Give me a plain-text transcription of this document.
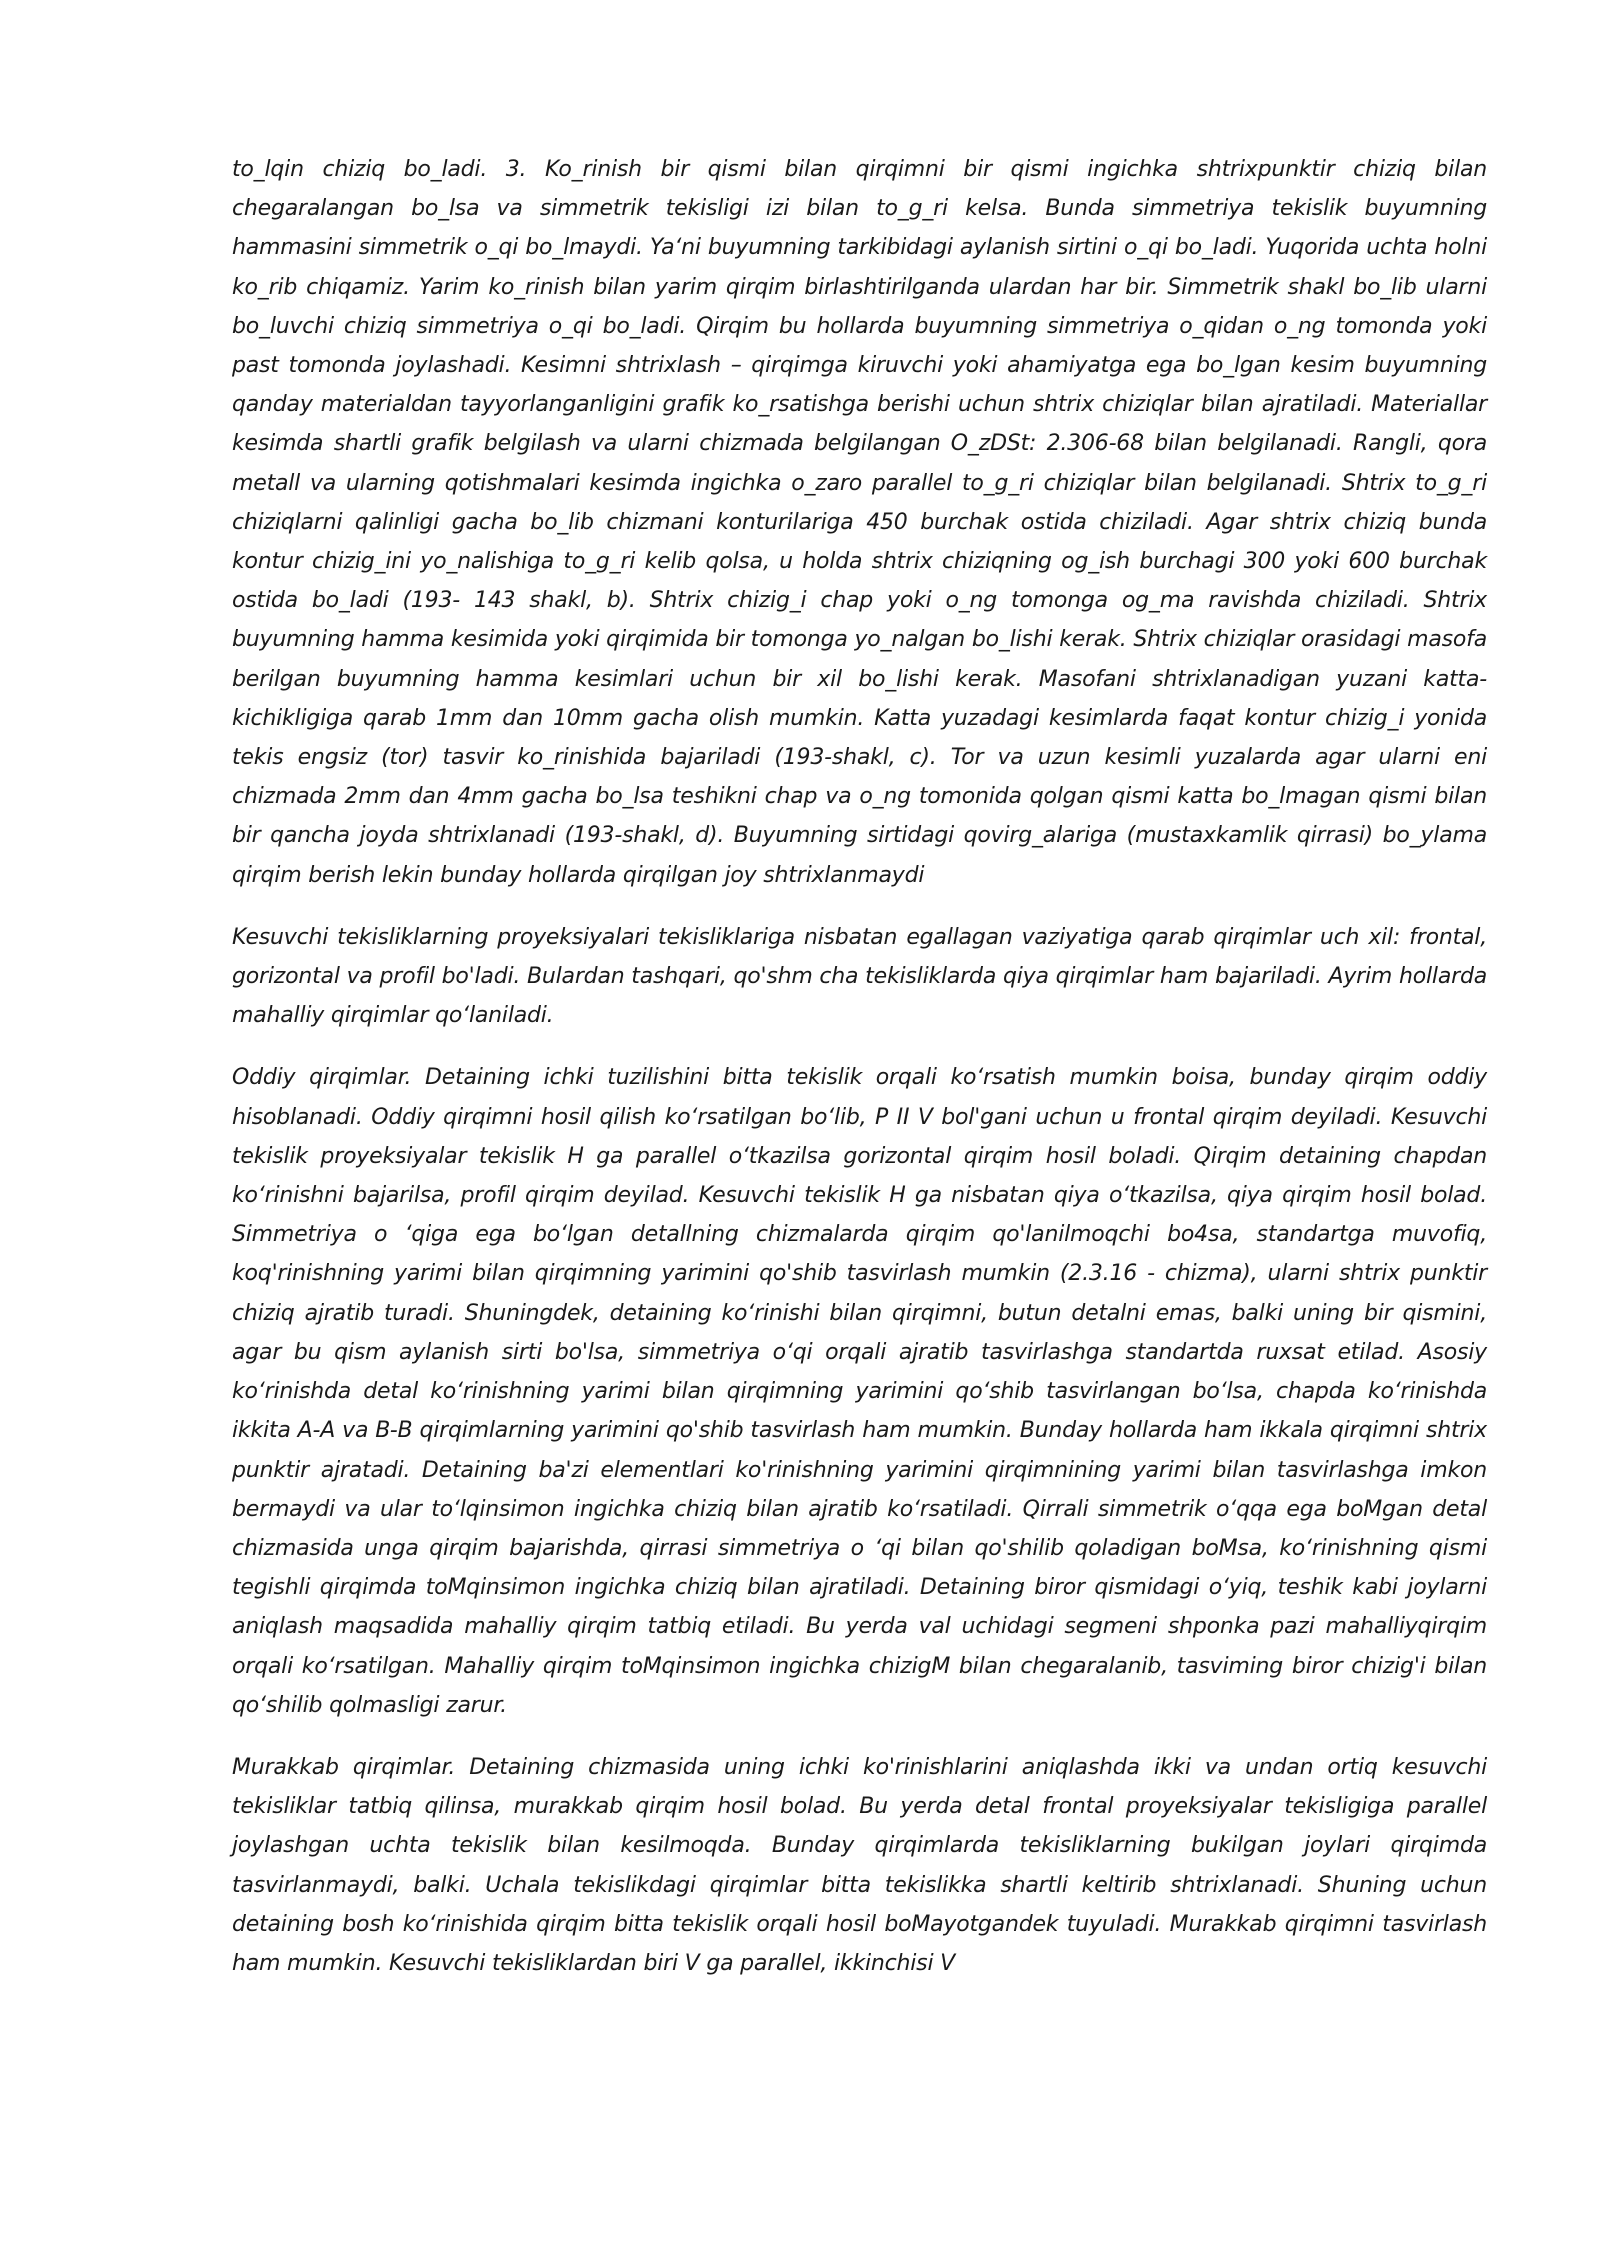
to_lqin chiziq bo_ladi. 3. Ko_rinish bir qismi bilan qirqimni bir qismi ingichka shtrixpunktir chiziq bilan chegaralangan bo_lsa va simmetrik tekisligi izi bilan to_g_ri kelsa. Bunda simmetriya tekislik buyumning hammasini simmetrik o_qi bo_lmaydi. Ya‘ni buyumning tarkibidagi aylanish sirtini o_qi bo_ladi. Yuqorida uchta holni ko_rib chiqamiz. Yarim ko_rinish bilan yarim qirqim birlashtirilganda ulardan har bir. Simmetrik shakl bo_lib ularni bo_luvchi chiziq simmetriya o_qi bo_ladi. Qirqim bu hollarda buyumning simmetriya o_qidan o_ng tomonda yoki past tomonda joylashadi. Kesimni shtrixlash – qirqimga kiruvchi yoki ahamiyatga ega bo_lgan kesim buyumning qanday materialdan tayyorlanganligini grafik ko_rsatishga berishi uchun shtrix chiziqlar bilan ajratiladi. Materiallar kesimda shartli grafik belgilash va ularni chizmada belgilangan O_zDSt: 2.306-68 bilan belgilanadi. Rangli, qora metall va ularning qotishmalari kesimda ingichka o_zaro parallel to_g_ri chiziqlar bilan belgilanadi. Shtrix to_g_ri chiziqlarni qalinligi gacha bo_lib chizmani konturilariga 450 burchak ostida chiziladi. Agar shtrix chiziq bunda kontur chizig_ini yo_nalishiga to_g_ri kelib qolsa, u holda shtrix chiziqning og_ish burchagi 300 yoki 600 burchak ostida bo_ladi (193- 143 shakl, b). Shtrix chizig_i chap yoki o_ng tomonga og_ma ravishda chiziladi. Shtrix buyumning hamma kesimida yoki qirqimida bir tomonga yo_nalgan bo_lishi kerak. Shtrix chiziqlar orasidagi masofa berilgan buyumning hamma kesimlari uchun bir xil bo_lishi kerak. Masofani shtrixlanadigan yuzani katta-kichikligiga qarab 1mm dan 10mm gacha olish mumkin. Katta yuzadagi kesimlarda faqat kontur chizig_i yonida tekis engsiz (tor) tasvir ko_rinishida bajariladi (193-shakl, c). Tor va uzun kesimli yuzalarda agar ularni eni chizmada 2mm dan 4mm gacha bo_lsa teshikni chap va o_ng tomonida qolgan qismi katta bo_lmagan qismi bilan bir qancha joyda shtrixlanadi (193-shakl, d). Buyumning sirtidagi qovirg_alariga (mustaxkamlik qirrasi) bo_ylama qirqim berish lekin bunday hollarda qirqilgan joy shtrixlanmaydi

Kesuvchi tekisliklarning proyeksiyalari tekisliklariga nisbatan egallagan vaziyatiga qarab qirqimlar uch xil: frontal, gorizontal va profil bo'ladi. Bulardan tashqari, qo'shm cha tekisliklarda qiya qirqimlar ham bajariladi. Ayrim hollarda mahalliy qirqimlar qo‘laniladi.

Oddiy qirqimlar. Detaining ichki tuzilishini bitta tekislik orqali ko‘rsatish mumkin boisa, bunday qirqim oddiy hisoblanadi. Oddiy qirqimni hosil qilish ko‘rsatilgan bo‘lib, P II V bol'gani uchun u frontal qirqim deyiladi. Kesuvchi tekislik proyeksiyalar tekislik H ga parallel o‘tkazilsa gorizontal qirqim hosil boladi. Qirqim detaining chapdan ko‘rinishni bajarilsa, profil qirqim deyilad. Kesuvchi tekislik H ga nisbatan qiya o‘tkazilsa, qiya qirqim hosil bolad. Simmetriya o ‘qiga ega bo‘lgan detallning chizmalarda qirqim qo'lanilmoqchi bo4sa, standartga muvofiq, koq'rinishning yarimi bilan qirqimning yarimini qo'shib tasvirlash mumkin (2.3.16 - chizma), ularni shtrix punktir chiziq ajratib turadi. Shuningdek, detaining ko‘rinishi bilan qirqimni, butun detalni emas, balki uning bir qismini, agar bu qism aylanish sirti bo'lsa, simmetriya o‘qi orqali ajratib tasvirlashga standartda ruxsat etilad. Asosiy ko‘rinishda detal ko‘rinishning yarimi bilan qirqimning yarimini qo‘shib tasvirlangan bo‘lsa, chapda ko‘rinishda ikkita A-A va B-B qirqimlarning yarimini qo'shib tasvirlash ham mumkin. Bunday hollarda ham ikkala qirqimni shtrix punktir ajratadi. Detaining ba'zi elementlari ko'rinishning yarimini qirqimnining yarimi bilan tasvirlashga imkon bermaydi va ular to‘lqinsimon ingichka chiziq bilan ajratib ko‘rsatiladi. Qirrali simmetrik o‘qqa ega boMgan detal chizmasida unga qirqim bajarishda, qirrasi simmetriya o ‘qi bilan qo'shilib qoladigan boMsa, ko‘rinishning qismi tegishli qirqimda toMqinsimon ingichka chiziq bilan ajratiladi. Detaining biror qismidagi o‘yiq, teshik kabi joylarni aniqlash maqsadida mahalliy qirqim tatbiq etiladi. Bu yerda val uchidagi segmeni shponka pazi mahalliyqirqim orqali ko‘rsatilgan. Mahalliy qirqim toMqinsimon ingichka chizigM bilan chegaralanib, tasviming biror chizig'i bilan qo‘shilib qolmasligi zarur.

Murakkab qirqimlar. Detaining chizmasida uning ichki ko'rinishlarini aniqlashda ikki va undan ortiq kesuvchi tekisliklar tatbiq qilinsa, murakkab qirqim hosil bolad. Bu yerda detal frontal proyeksiyalar tekisligiga parallel joylashgan uchta tekislik bilan kesilmoqda. Bunday qirqimlarda tekisliklarning bukilgan joylari qirqimda tasvirlanmaydi, balki. Uchala tekislikdagi qirqimlar bitta tekislikka shartli keltirib shtrixlanadi. Shuning uchun detaining bosh ko‘rinishida qirqim bitta tekislik orqali hosil boMayotgandek tuyuladi. Murakkab qirqimni tasvirlash ham mumkin. Kesuvchi tekisliklardan biri V ga parallel, ikkinchisi V
